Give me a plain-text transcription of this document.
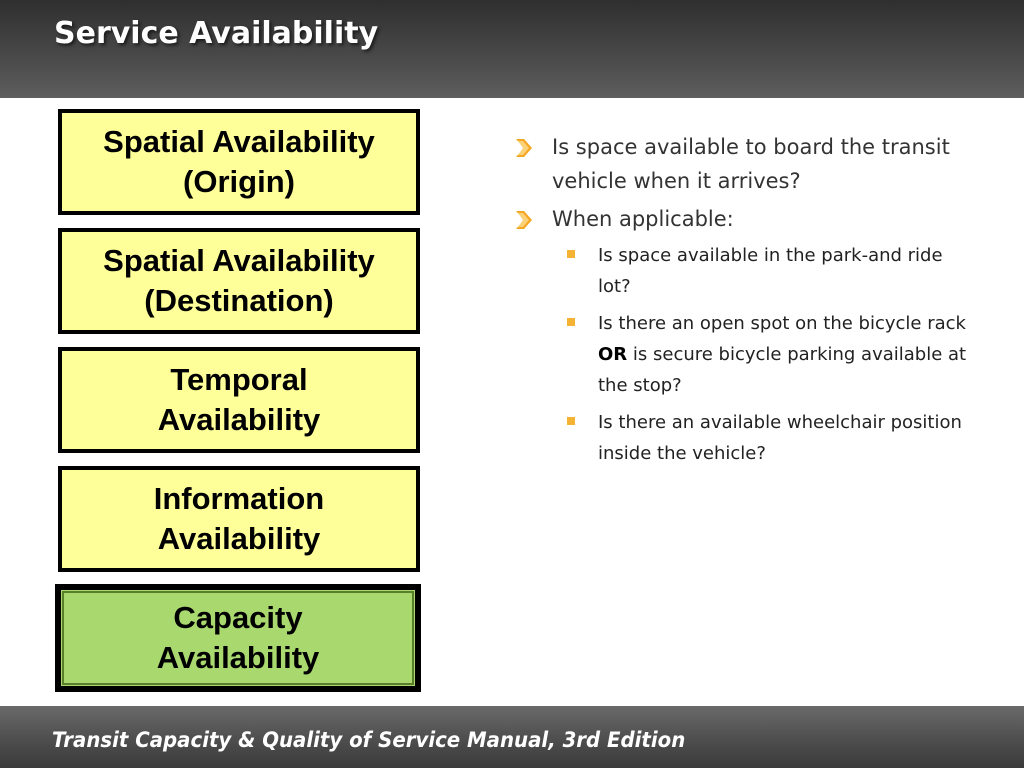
Service Availability
Spatial Availability
(Origin)
Spatial Availability
(Destination)
Temporal
Availability
Information
Availability
Capacity
Availability
Is space available to board the transit vehicle when it arrives?
When applicable:
Is space available in the park-and ride lot?
Is there an open spot on the bicycle rack OR is secure bicycle parking available at the stop?
Is there an available wheelchair position inside the vehicle?
Transit Capacity & Quality of Service Manual, 3rd Edition
